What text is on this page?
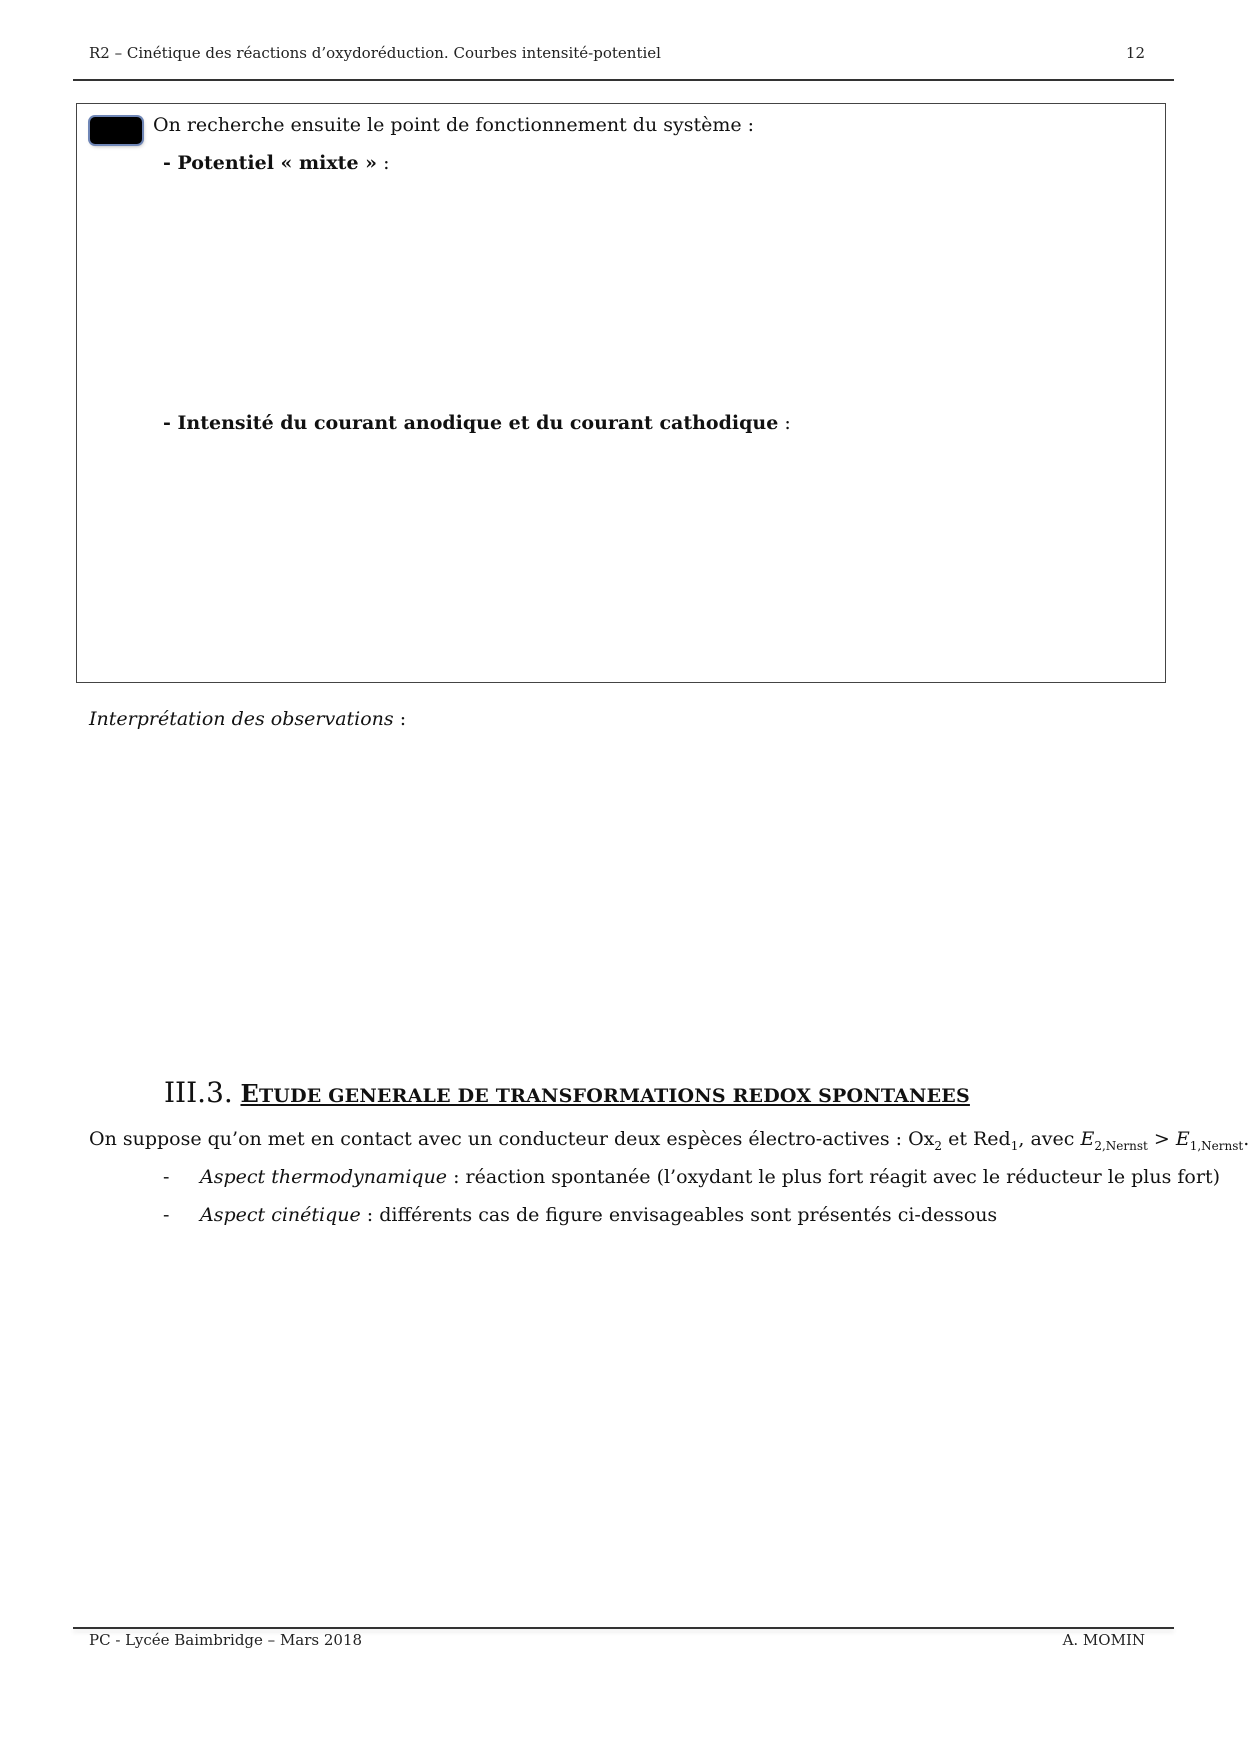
R2 – Cinétique des réactions d’oxydoréduction. Courbes intensité-potentiel	12
On recherche ensuite le point de fonctionnement du système :
- Potentiel « mixte » :
- Intensité du courant anodique et du courant cathodique :
Interprétation des observations :
III.3. ETUDE GENERALE DE TRANSFORMATIONS REDOX SPONTANEES
On suppose qu’on met en contact avec un conducteur deux espèces électro-actives : $Ox_2$ et Red$_1$, avec $E_{2,Nernst} > E_{1,Nernst}$.
- Aspect thermodynamique : réaction spontanée (l’oxydant le plus fort réagit avec le réducteur le plus fort)
- Aspect cinétique : différents cas de figure envisageables sont présentés ci-dessous
PC - Lycée Baimbridge – Mars 2018	A. MOMIN
